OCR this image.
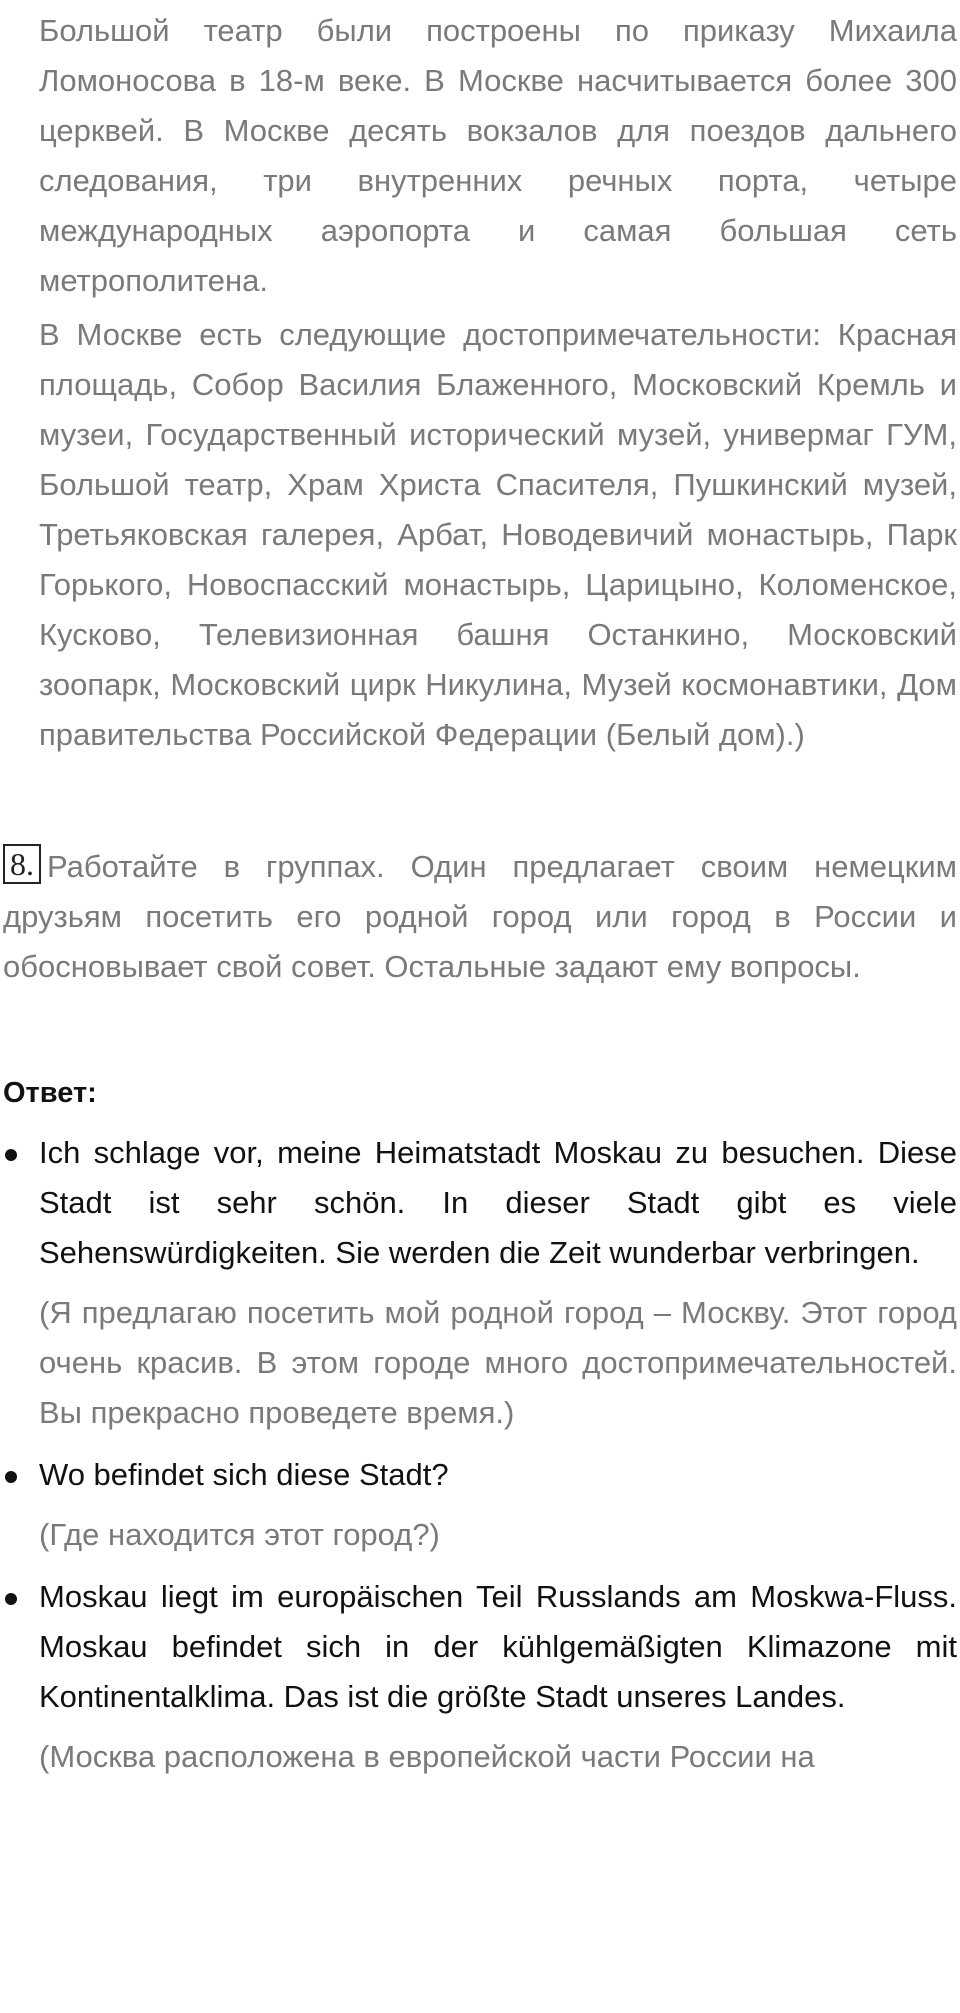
Большой театр были построены по приказу Михаила Ломоносова в 18-м веке. В Москве насчитывается более 300 церквей. В Москве десять вокзалов для поездов дальнего следования, три внутренних речных порта, четыре международных аэропорта и самая большая сеть метрополитена.

В Москве есть следующие достопримечательности: Красная площадь, Собор Василия Блаженного, Московский Кремль и музеи, Государственный исторический музей, универмаг ГУМ, Большой театр, Храм Христа Спасителя, Пушкинский музей, Третьяковская галерея, Арбат, Новодевичий монастырь, Парк Горького, Новоспасский монастырь, Царицыно, Коломенское, Кусково, Телевизионная башня Останкино, Московский зоопарк, Московский цирк Никулина, Музей космонавтики, Дом правительства Российской Федерации (Белый дом).)

8. Работайте в группах. Один предлагает своим немецким друзьям посетить его родной город или город в России и обосновывает свой совет. Остальные задают ему вопросы.
Ответ:

Ich schlage vor, meine Heimatstadt Moskau zu besuchen. Diese Stadt ist sehr schön. In dieser Stadt gibt es viele Sehenswürdigkeiten. Sie werden die Zeit wunderbar verbringen.

(Я предлагаю посетить мой родной город – Москву. Этот город очень красив. В этом городе много достопримечательностей. Вы прекрасно проведете время.)

Wo befindet sich diese Stadt?

(Где находится этот город?)

Moskau liegt im europäischen Teil Russlands am Moskwa-Fluss. Moskau befindet sich in der kühlgemäßigten Klimazone mit Kontinentalklima. Das ist die größte Stadt unseres Landes.

(Москва расположена в европейской части России на
